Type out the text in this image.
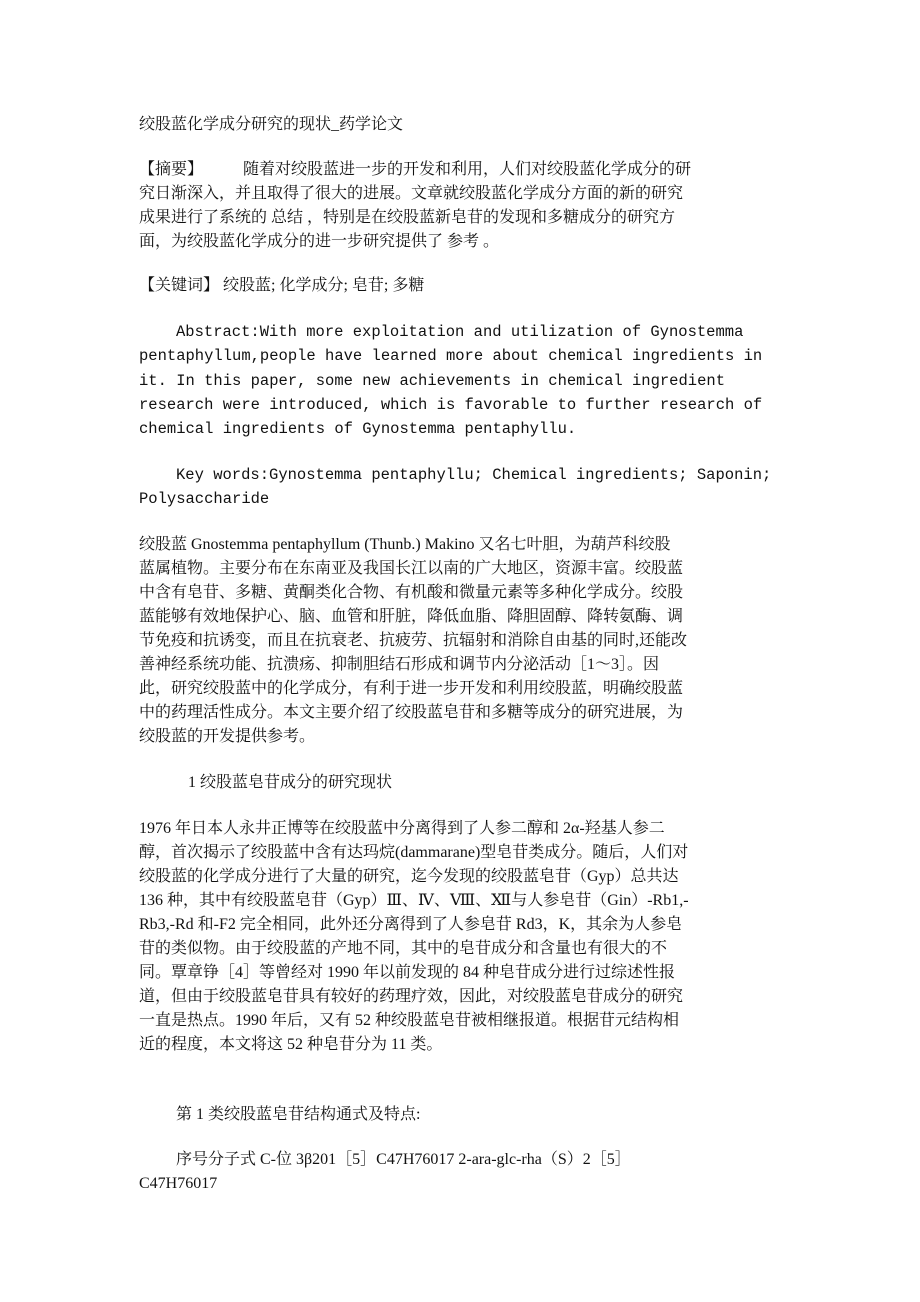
绞股蓝化学成分研究的现状_药学论文
【摘要】　　　随着对绞股蓝进一步的开发和利用，人们对绞股蓝化学成分的研
究日渐深入，并且取得了很大的进展。文章就绞股蓝化学成分方面的新的研究
成果进行了系统的 总结 ，特别是在绞股蓝新皂苷的发现和多糖成分的研究方
面，为绞股蓝化学成分的进一步研究提供了 参考 。
【关键词】 绞股蓝; 化学成分; 皂苷; 多糖
Abstract:With more exploitation and utilization of Gynostemma
pentaphyllum,people have learned more about chemical ingredients in
it. In this paper, some new achievements in chemical ingredient
research were introduced, which is favorable to further research of
chemical ingredients of Gynostemma pentaphyllu.
Key words:Gynostemma pentaphyllu; Chemical ingredients; Saponin;
Polysaccharide
绞股蓝 Gnostemma pentaphyllum (Thunb.) Makino 又名七叶胆，为葫芦科绞股
蓝属植物。主要分布在东南亚及我国长江以南的广大地区，资源丰富。绞股蓝
中含有皂苷、多糖、黄酮类化合物、有机酸和微量元素等多种化学成分。绞股
蓝能够有效地保护心、脑、血管和肝脏，降低血脂、降胆固醇、降转氨酶、调
节免疫和抗诱变，而且在抗衰老、抗疲劳、抗辐射和消除自由基的同时,还能改
善神经系统功能、抗溃疡、抑制胆结石形成和调节内分泌活动［1～3］。因
此，研究绞股蓝中的化学成分，有利于进一步开发和利用绞股蓝，明确绞股蓝
中的药理活性成分。本文主要介绍了绞股蓝皂苷和多糖等成分的研究进展，为
绞股蓝的开发提供参考。
1 绞股蓝皂苷成分的研究现状
1976 年日本人永井正博等在绞股蓝中分离得到了人参二醇和 2α-羟基人参二
醇，首次揭示了绞股蓝中含有达玛烷(dammarane)型皂苷类成分。随后，人们对
绞股蓝的化学成分进行了大量的研究，迄今发现的绞股蓝皂苷（Gyp）总共达
136 种，其中有绞股蓝皂苷（Gyp）Ⅲ、Ⅳ、Ⅷ、Ⅻ与人参皂苷（Gin）-Rb1,-
Rb3,-Rd 和-F2 完全相同，此外还分离得到了人参皂苷 Rd3，K，其余为人参皂
苷的类似物。由于绞股蓝的产地不同，其中的皂苷成分和含量也有很大的不
同。覃章铮［4］等曾经对 1990 年以前发现的 84 种皂苷成分进行过综述性报
道，但由于绞股蓝皂苷具有较好的药理疗效，因此，对绞股蓝皂苷成分的研究
一直是热点。1990 年后，又有 52 种绞股蓝皂苷被相继报道。根据苷元结构相
近的程度，本文将这 52 种皂苷分为 11 类。
第 1 类绞股蓝皂苷结构通式及特点:
序号分子式 C-位 3β201［5］C47H76017 2-ara-glc-rha（S）2［5］
C47H76017
